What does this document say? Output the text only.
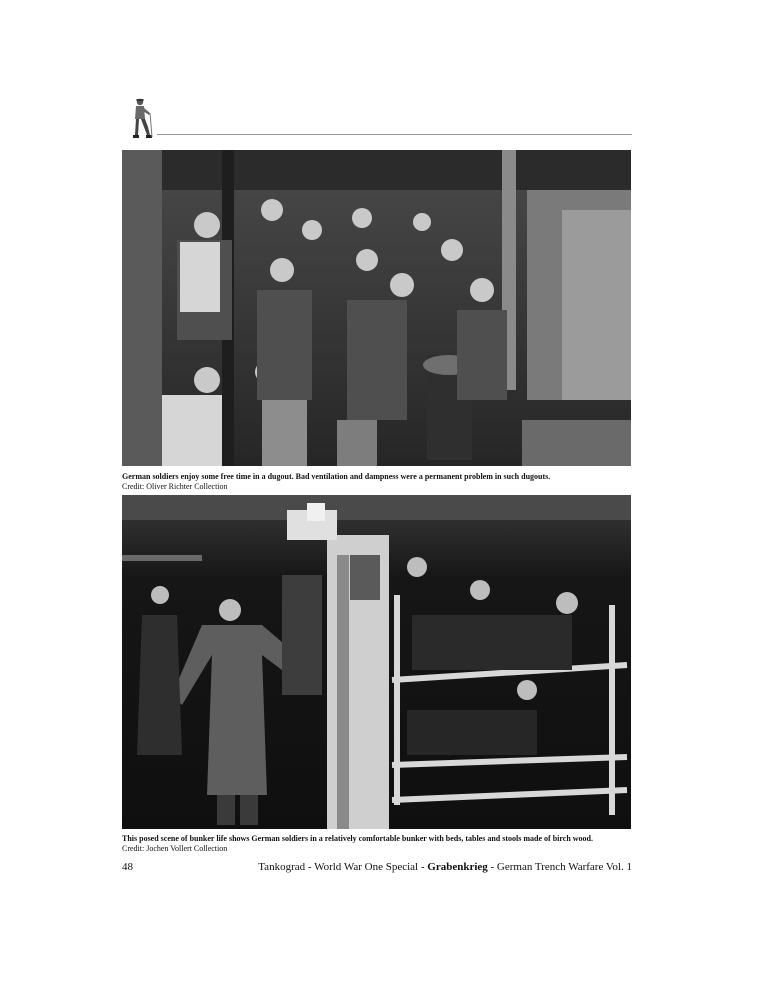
German soldiers enjoy some free time in a dugout. Bad ventilation and dampness were a permanent problem in such dugouts.
Credit: Oliver Richter Collection
This posed scene of bunker life shows German soldiers in a relatively comfortable bunker with beds, tables and stools made of birch wood.
Credit: Jochen Vollert Collection
48	Tankograd - World War One Special - Grabenkrieg - German Trench Warfare Vol. 1
